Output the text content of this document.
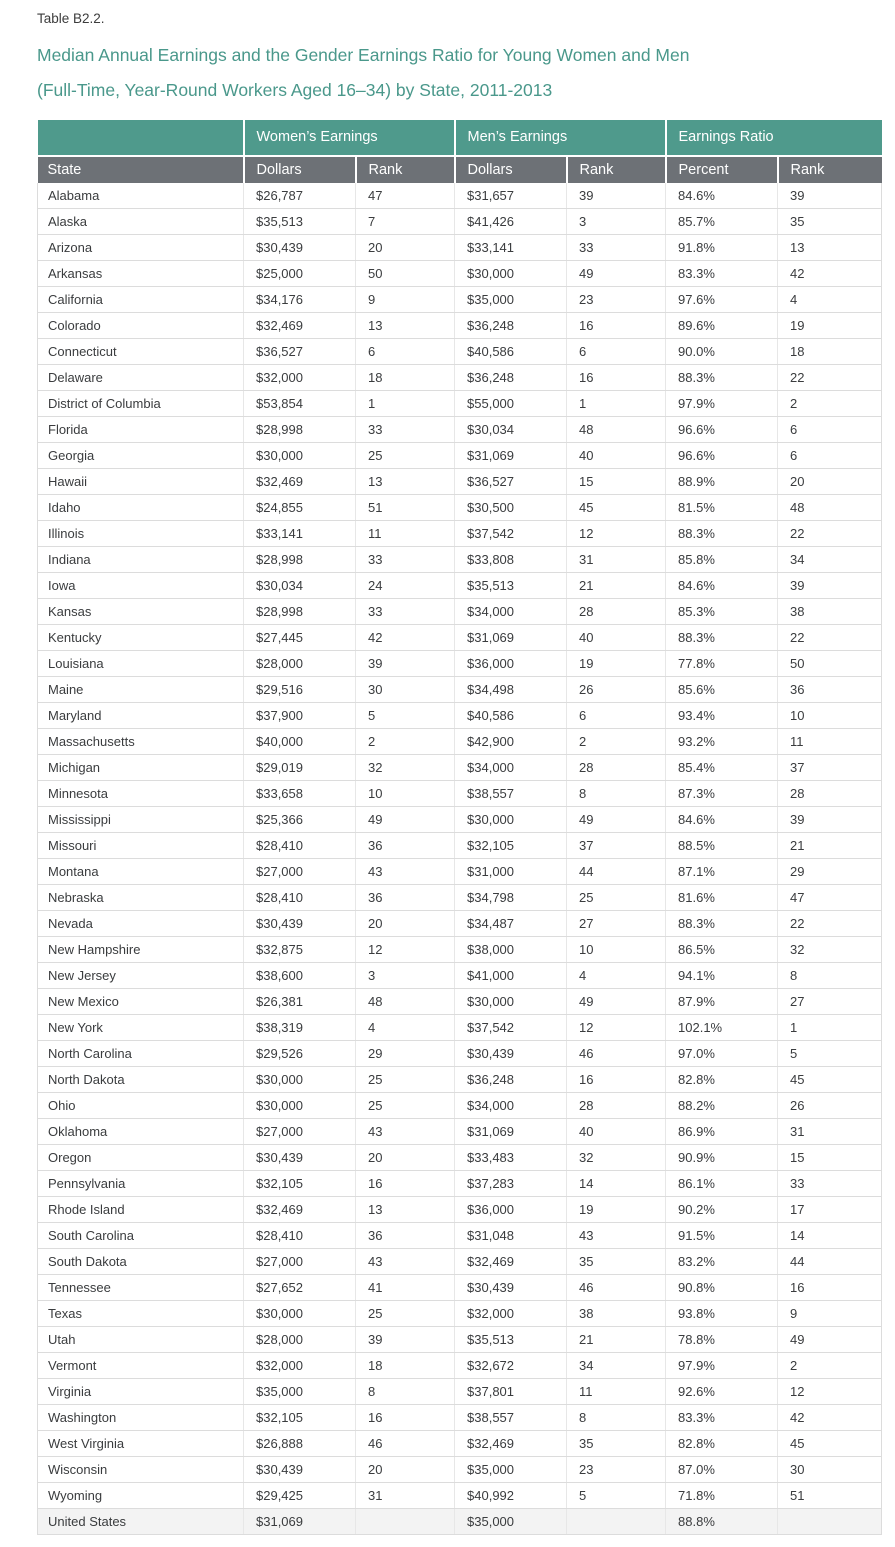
Table B2.2.

Median Annual Earnings and the Gender Earnings Ratio for Young Women and Men
(Full-Time, Year-Round Workers Aged 16–34) by State, 2011-2013
	Women’s Earnings		Men’s Earnings		Earnings Ratio	
State	Dollars	Rank	Dollars	Rank	Percent	Rank
Alabama	$26,787	47	$31,657	39	84.6%	39
Alaska	$35,513	7	$41,426	3	85.7%	35
Arizona	$30,439	20	$33,141	33	91.8%	13
Arkansas	$25,000	50	$30,000	49	83.3%	42
California	$34,176	9	$35,000	23	97.6%	4
Colorado	$32,469	13	$36,248	16	89.6%	19
Connecticut	$36,527	6	$40,586	6	90.0%	18
Delaware	$32,000	18	$36,248	16	88.3%	22
District of Columbia	$53,854	1	$55,000	1	97.9%	2
Florida	$28,998	33	$30,034	48	96.6%	6
Georgia	$30,000	25	$31,069	40	96.6%	6
Hawaii	$32,469	13	$36,527	15	88.9%	20
Idaho	$24,855	51	$30,500	45	81.5%	48
Illinois	$33,141	11	$37,542	12	88.3%	22
Indiana	$28,998	33	$33,808	31	85.8%	34
Iowa	$30,034	24	$35,513	21	84.6%	39
Kansas	$28,998	33	$34,000	28	85.3%	38
Kentucky	$27,445	42	$31,069	40	88.3%	22
Louisiana	$28,000	39	$36,000	19	77.8%	50
Maine	$29,516	30	$34,498	26	85.6%	36
Maryland	$37,900	5	$40,586	6	93.4%	10
Massachusetts	$40,000	2	$42,900	2	93.2%	11
Michigan	$29,019	32	$34,000	28	85.4%	37
Minnesota	$33,658	10	$38,557	8	87.3%	28
Mississippi	$25,366	49	$30,000	49	84.6%	39
Missouri	$28,410	36	$32,105	37	88.5%	21
Montana	$27,000	43	$31,000	44	87.1%	29
Nebraska	$28,410	36	$34,798	25	81.6%	47
Nevada	$30,439	20	$34,487	27	88.3%	22
New Hampshire	$32,875	12	$38,000	10	86.5%	32
New Jersey	$38,600	3	$41,000	4	94.1%	8
New Mexico	$26,381	48	$30,000	49	87.9%	27
New York	$38,319	4	$37,542	12	102.1%	1
North Carolina	$29,526	29	$30,439	46	97.0%	5
North Dakota	$30,000	25	$36,248	16	82.8%	45
Ohio	$30,000	25	$34,000	28	88.2%	26
Oklahoma	$27,000	43	$31,069	40	86.9%	31
Oregon	$30,439	20	$33,483	32	90.9%	15
Pennsylvania	$32,105	16	$37,283	14	86.1%	33
Rhode Island	$32,469	13	$36,000	19	90.2%	17
South Carolina	$28,410	36	$31,048	43	91.5%	14
South Dakota	$27,000	43	$32,469	35	83.2%	44
Tennessee	$27,652	41	$30,439	46	90.8%	16
Texas	$30,000	25	$32,000	38	93.8%	9
Utah	$28,000	39	$35,513	21	78.8%	49
Vermont	$32,000	18	$32,672	34	97.9%	2
Virginia	$35,000	8	$37,801	11	92.6%	12
Washington	$32,105	16	$38,557	8	83.3%	42
West Virginia	$26,888	46	$32,469	35	82.8%	45
Wisconsin	$30,439	20	$35,000	23	87.0%	30
Wyoming	$29,425	31	$40,992	5	71.8%	51
United States	$31,069		$35,000		88.8%	
